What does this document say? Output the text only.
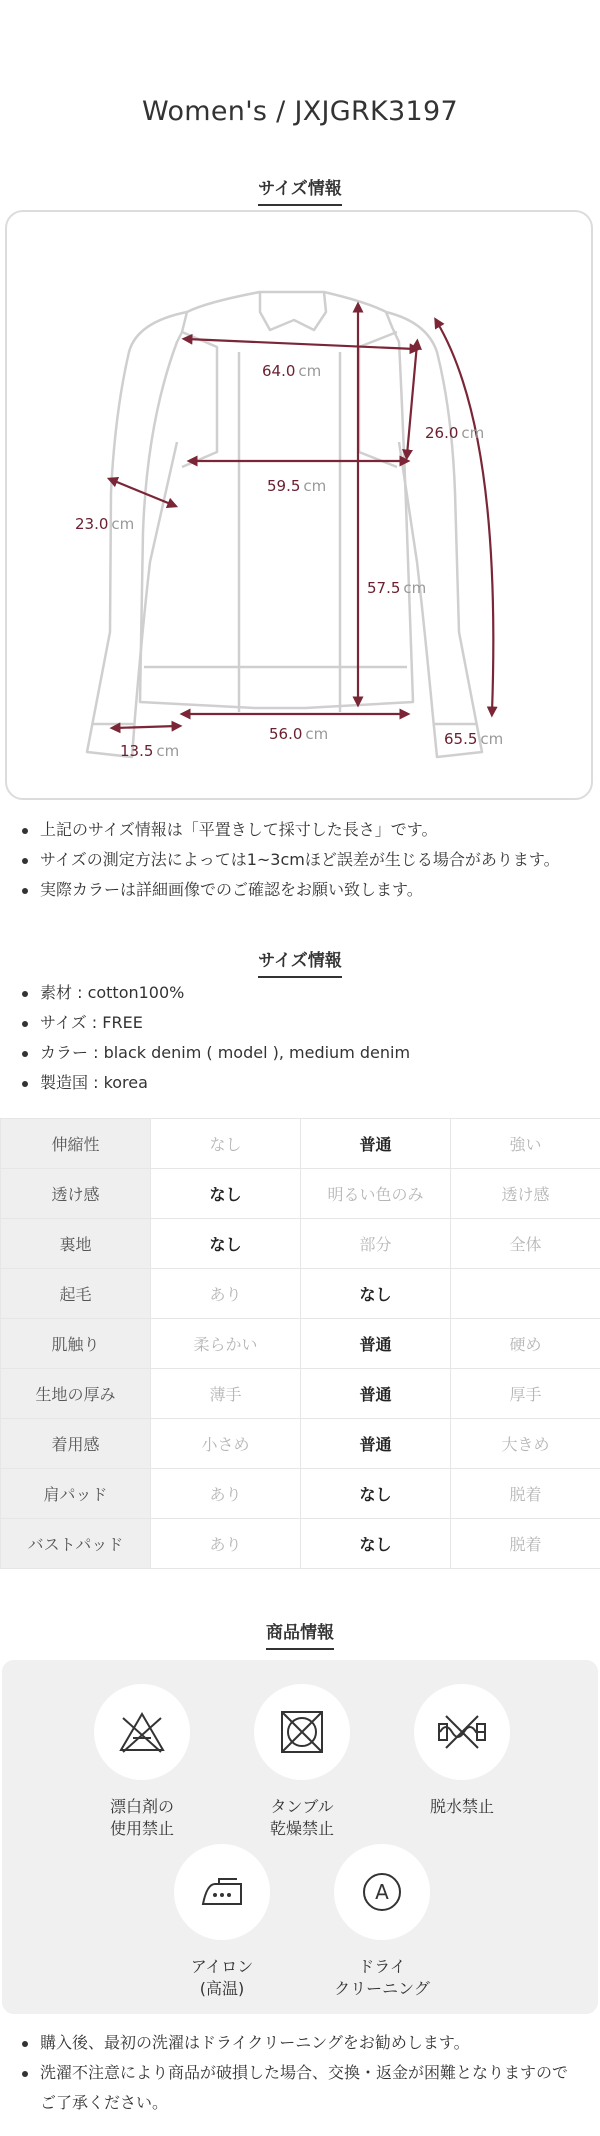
Women's / JXJGRK3197
サイズ情報
64.0 cm
26.0 cm
59.5 cm
23.0 cm
57.5 cm
56.0 cm
13.5 cm
65.5 cm
上記のサイズ情報は「平置きして採寸した長さ」です。
サイズの測定方法によっては1~3cmほど誤差が生じる場合があります。
実際カラーは詳細画像でのご確認をお願い致します。
サイズ情報
素材 : cotton100%
サイズ : FREE
カラー : black denim ( model ), medium denim
製造国 : korea
伸縮性	なし	普通	強い
透け感	なし	明るい色のみ	透け感
裏地	なし	部分	全体
起毛	あり	なし	
肌触り	柔らかい	普通	硬め
生地の厚み	薄手	普通	厚手
着用感	小さめ	普通	大きめ
肩パッド	あり	なし	脱着
バストパッド	あり	なし	脱着
商品情報
漂白剤の
使用禁止
タンブル
乾燥禁止
脱水禁止
アイロン
(高温)
A
ドライ
クリーニング
購入後、最初の洗濯はドライクリーニングをお勧めします。
洗濯不注意により商品が破損した場合、交換・返金が困難となりますので
ご了承ください。
